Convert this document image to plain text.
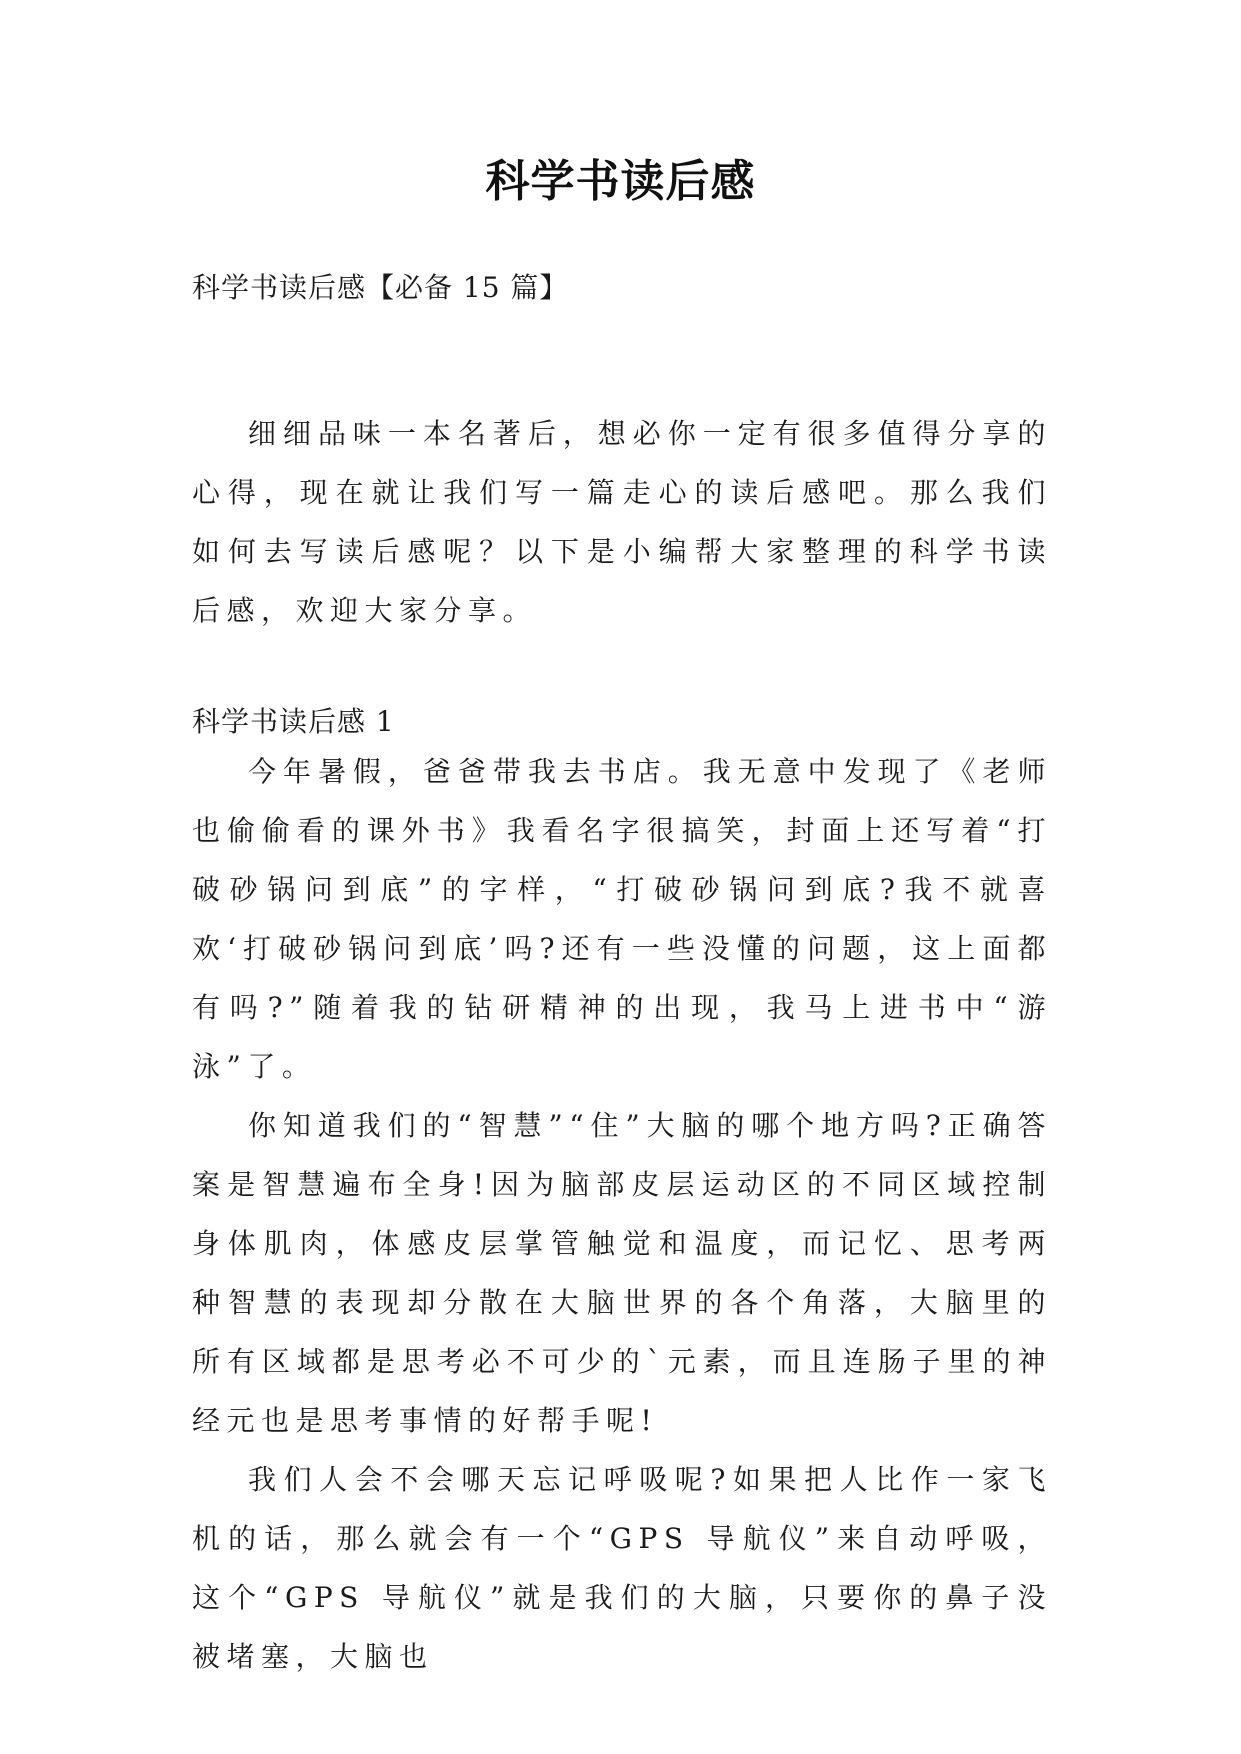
科学书读后感
科学书读后感【必备 15 篇】

细细品味一本名著后，想必你一定有很多值得分享的心得，现在就让我们写一篇走心的读后感吧。那么我们如何去写读后感呢？以下是小编帮大家整理的科学书读后感，欢迎大家分享。

科学书读后感 1

今年暑假，爸爸带我去书店。我无意中发现了《老师也偷偷看的课外书》我看名字很搞笑，封面上还写着“打破砂锅问到底”的字样，“打破砂锅问到底?我不就喜欢‘打破砂锅问到底’吗?还有一些没懂的问题，这上面都有吗?”随着我的钻研精神的出现，我马上进书中“游泳”了。

你知道我们的“智慧”“住”大脑的哪个地方吗?正确答案是智慧遍布全身!因为脑部皮层运动区的不同区域控制身体肌肉，体感皮层掌管触觉和温度，而记忆、思考两种智慧的表现却分散在大脑世界的各个角落，大脑里的所有区域都是思考必不可少的`元素，而且连肠子里的神经元也是思考事情的好帮手呢!

我们人会不会哪天忘记呼吸呢?如果把人比作一家飞机的话，那么就会有一个“GPS 导航仪”来自动呼吸，这个“GPS 导航仪”就是我们的大脑，只要你的鼻子没被堵塞，大脑也
